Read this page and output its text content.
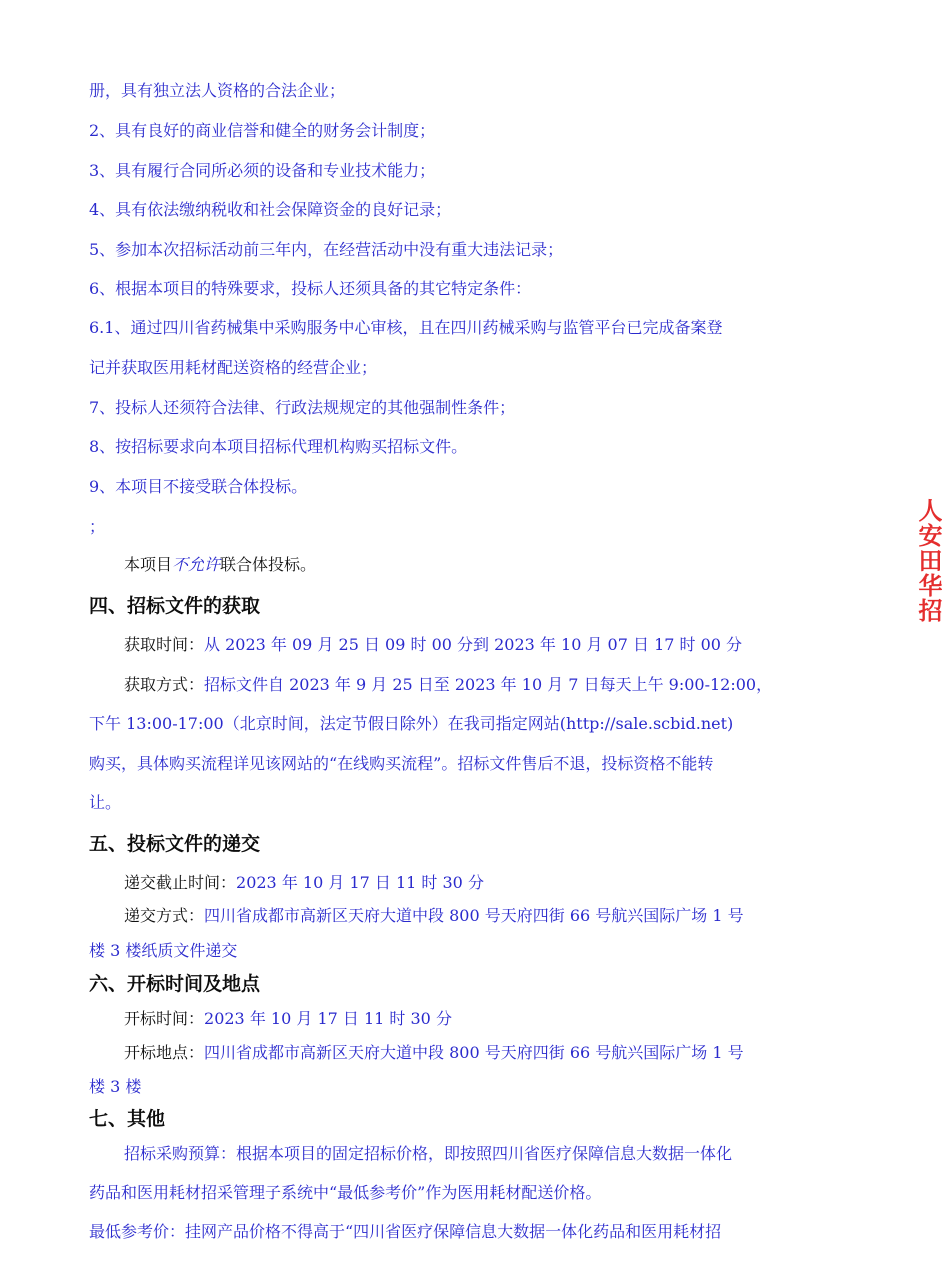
册，具有独立法人资格的合法企业；
2、具有良好的商业信誉和健全的财务会计制度；
3、具有履行合同所必须的设备和专业技术能力；
4、具有依法缴纳税收和社会保障资金的良好记录；
5、参加本次招标活动前三年内，在经营活动中没有重大违法记录；
6、根据本项目的特殊要求，投标人还须具备的其它特定条件：
6.1、通过四川省药械集中采购服务中心审核，且在四川药械采购与监管平台已完成备案登
记并获取医用耗材配送资格的经营企业；
7、投标人还须符合法律、行政法规规定的其他强制性条件；
8、按招标要求向本项目招标代理机构购买招标文件。
9、本项目不接受联合体投标。
；
本项目不允许联合体投标。
四、招标文件的获取
获取时间：从 2023 年 09 月 25 日 09 时 00 分到 2023 年 10 月 07 日 17 时 00 分
获取方式：招标文件自 2023 年 9 月 25 日至 2023 年 10 月 7 日每天上午 9:00-12:00，
下午 13:00-17:00（北京时间，法定节假日除外）在我司指定网站(http://sale.scbid.net)
购买，具体购买流程详见该网站的“在线购买流程”。招标文件售后不退，投标资格不能转
让。
五、投标文件的递交
递交截止时间：2023 年 10 月 17 日 11 时 30 分
递交方式：四川省成都市高新区天府大道中段 800 号天府四街 66 号航兴国际广场 1 号
楼 3 楼纸质文件递交
六、开标时间及地点
开标时间：2023 年 10 月 17 日 11 时 30 分
开标地点：四川省成都市高新区天府大道中段 800 号天府四街 66 号航兴国际广场 1 号
楼 3 楼
七、其他
招标采购预算：根据本项目的固定招标价格，即按照四川省医疗保障信息大数据一体化
药品和医用耗材招采管理子系统中“最低参考价”作为医用耗材配送价格。
最低参考价：挂网产品价格不得高于“四川省医疗保障信息大数据一体化药品和医用耗材招
人安田华招
